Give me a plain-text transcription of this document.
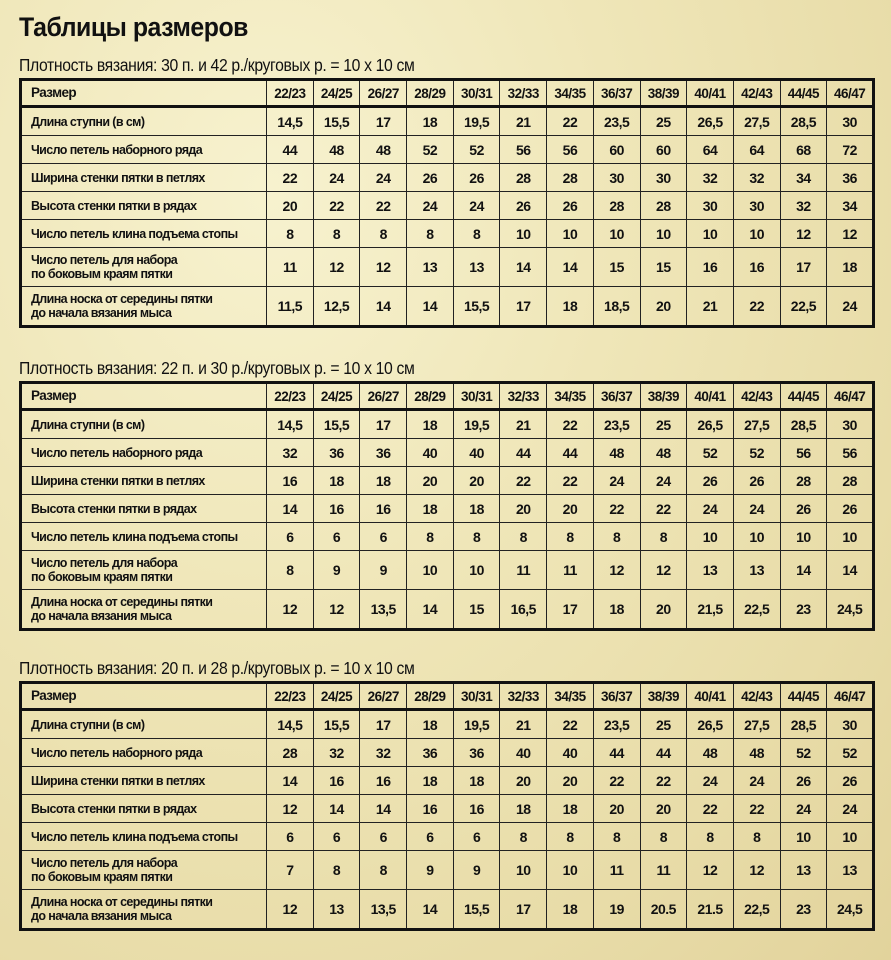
Таблицы размеров
Плотность вязания: 30 п. и 42 р./круговых р. = 10 x 10 см
Размер	22/23	24/25	26/27	28/29	30/31	32/33	34/35	36/37	38/39	40/41	42/43	44/45	46/47

Длина ступни (в см)	14,5	15,5	17	18	19,5	21	22	23,5	25	26,5	27,5	28,5	30

Число петель наборного ряда	44	48	48	52	52	56	56	60	60	64	64	68	72

Ширина стенки пятки в петлях	22	24	24	26	26	28	28	30	30	32	32	34	36

Высота стенки пятки в рядах	20	22	22	24	24	26	26	28	28	30	30	32	34

Число петель клина подъема стопы	8	8	8	8	8	10	10	10	10	10	10	12	12

Число петель для набора
по боковым краям пятки	11	12	12	13	13	14	14	15	15	16	16	17	18

Длина носка от середины пятки
до начала вязания мыса	11,5	12,5	14	14	15,5	17	18	18,5	20	21	22	22,5	24
Плотность вязания: 22 п. и 30 р./круговых р. = 10 x 10 см
Размер	22/23	24/25	26/27	28/29	30/31	32/33	34/35	36/37	38/39	40/41	42/43	44/45	46/47

Длина ступни (в см)	14,5	15,5	17	18	19,5	21	22	23,5	25	26,5	27,5	28,5	30

Число петель наборного ряда	32	36	36	40	40	44	44	48	48	52	52	56	56

Ширина стенки пятки в петлях	16	18	18	20	20	22	22	24	24	26	26	28	28

Высота стенки пятки в рядах	14	16	16	18	18	20	20	22	22	24	24	26	26

Число петель клина подъема стопы	6	6	6	8	8	8	8	8	8	10	10	10	10

Число петель для набора
по боковым краям пятки	8	9	9	10	10	11	11	12	12	13	13	14	14

Длина носка от середины пятки
до начала вязания мыса	12	12	13,5	14	15	16,5	17	18	20	21,5	22,5	23	24,5
Плотность вязания: 20 п. и 28 р./круговых р. = 10 x 10 см
Размер	22/23	24/25	26/27	28/29	30/31	32/33	34/35	36/37	38/39	40/41	42/43	44/45	46/47

Длина ступни (в см)	14,5	15,5	17	18	19,5	21	22	23,5	25	26,5	27,5	28,5	30

Число петель наборного ряда	28	32	32	36	36	40	40	44	44	48	48	52	52

Ширина стенки пятки в петлях	14	16	16	18	18	20	20	22	22	24	24	26	26

Высота стенки пятки в рядах	12	14	14	16	16	18	18	20	20	22	22	24	24

Число петель клина подъема стопы	6	6	6	6	6	8	8	8	8	8	8	10	10

Число петель для набора
по боковым краям пятки	7	8	8	9	9	10	10	11	11	12	12	13	13

Длина носка от середины пятки
до начала вязания мыса	12	13	13,5	14	15,5	17	18	19	20.5	21.5	22,5	23	24,5
